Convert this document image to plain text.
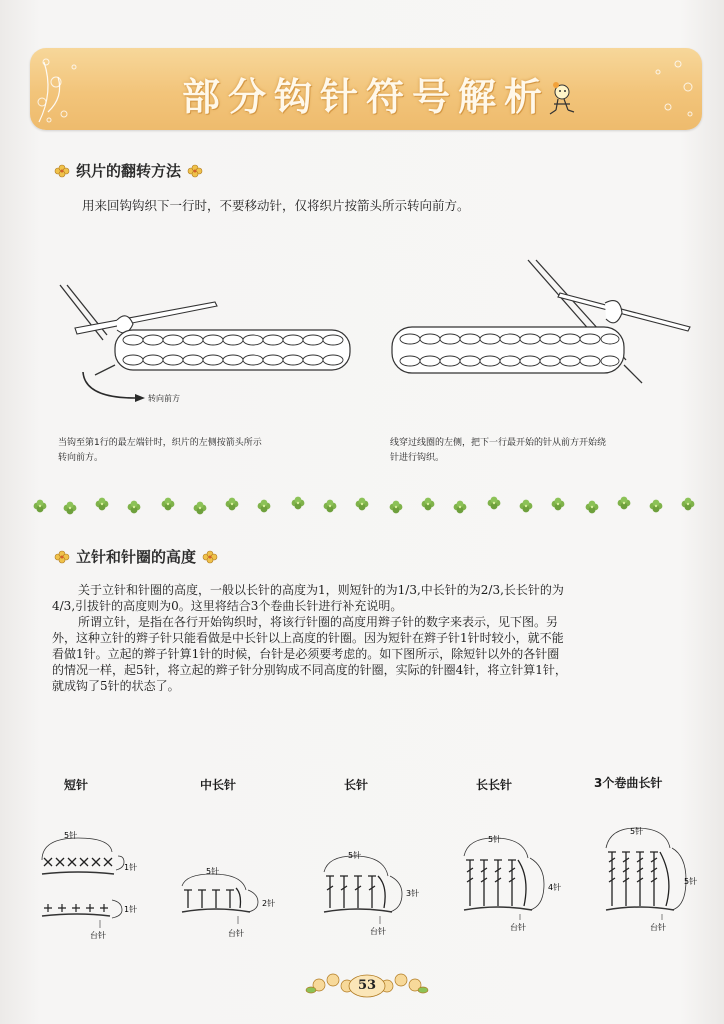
部分钩针符号解析
织片的翻转方法
用来回钩钩织下一行时，不要移动针，仅将织片按箭头所示转向前方。
转向前方
当钩至第1行的最左端针时，织片的左侧按箭头所示
转向前方。
线穿过线圈的左侧，把下一行最开始的针从前方开始绕
针进行钩织。
立针和针圈的高度
关于立针和针圈的高度，一般以长针的高度为1，则短针的为1/3,中长针的为2/3,长长针的为
4/3,引拔针的高度则为0。这里将结合3个卷曲长针进行补充说明。
所谓立针，是指在各行开始钩织时，将该行针圈的高度用辫子针的数字来表示，见下图。另
外，这种立针的辫子针只能看做是中长针以上高度的针圈。因为短针在辫子针1针时较小，就不能
看做1针。立起的辫子针算1针的时候，台针是必须要考虑的。如下图所示，除短针以外的各针圈
的情况一样，起5针，将立起的辫子针分别钩成不同高度的针圈，实际的针圈4针，将立针算1针，
就成钩了5针的状态了。
短针	中长针	长针	长长针	3个卷曲长针
5针
1针
1针
台针
5针
2针
台针
5针
3针
台针
5针
4针
台针
5针
5针
台针
53
